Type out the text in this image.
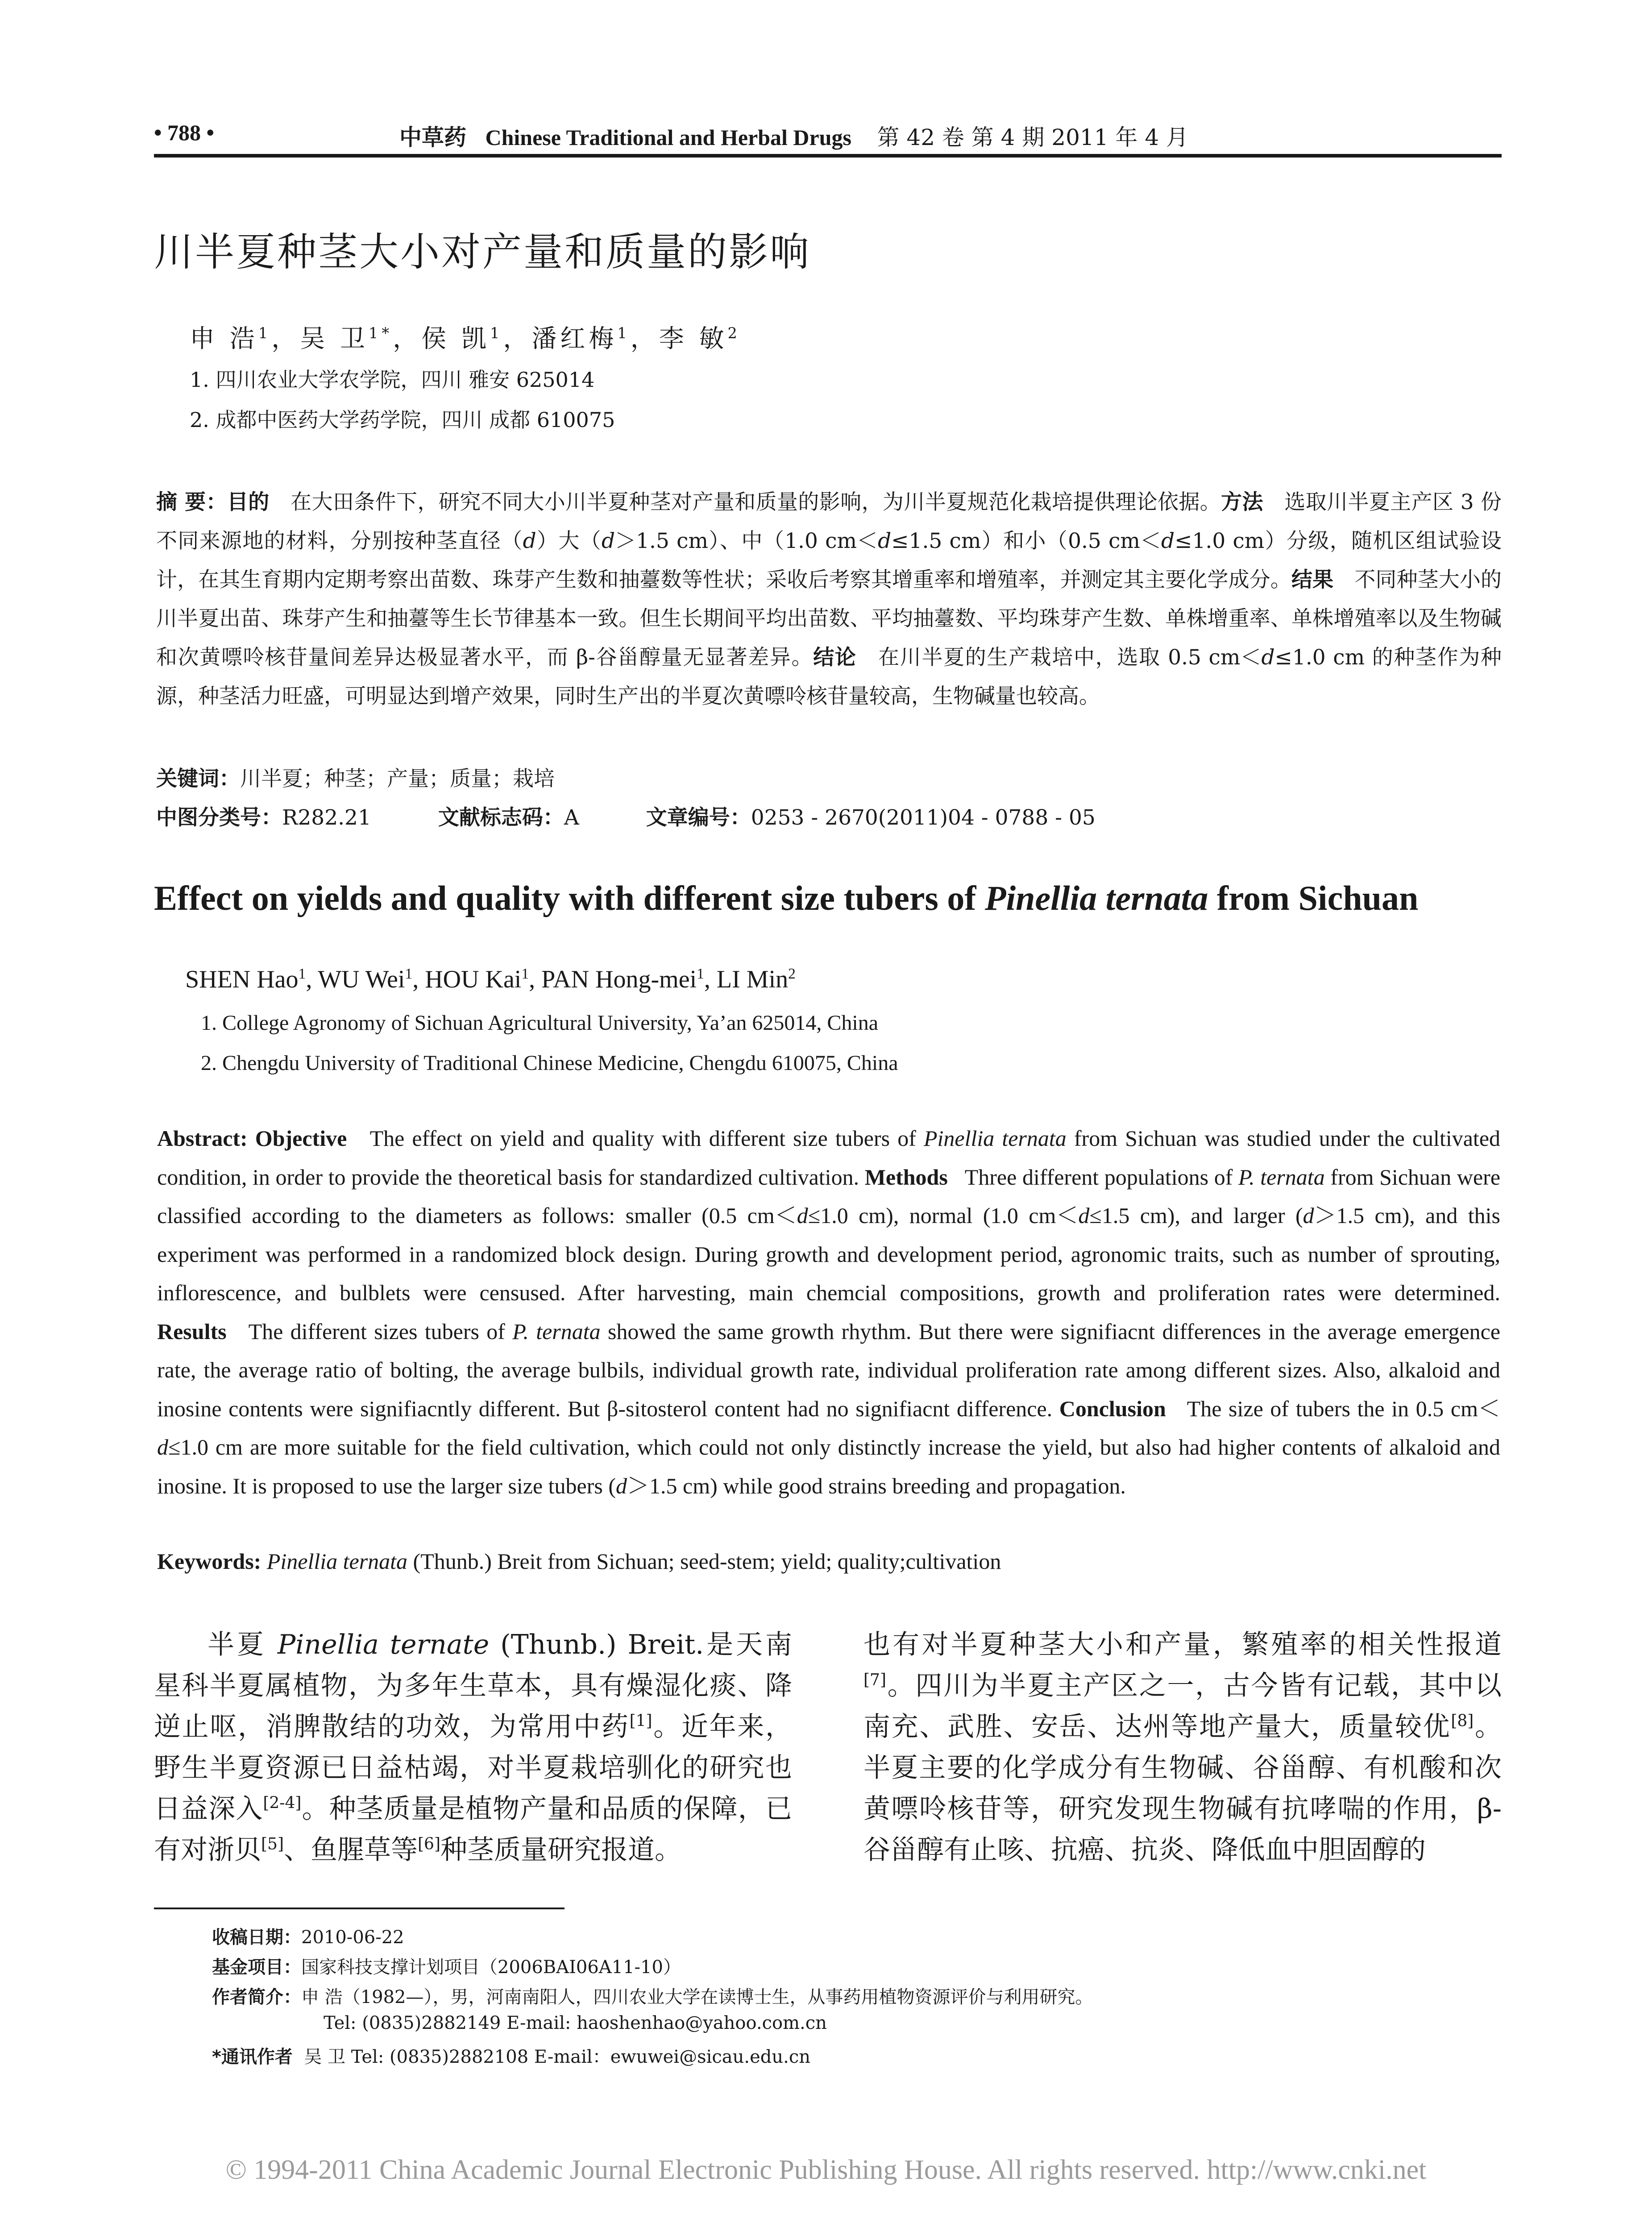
• 788 •	中草药 Chinese Traditional and Herbal Drugs 第 42 卷 第 4 期 2011 年 4 月
川半夏种茎大小对产量和质量的影响
申 浩$^1$，吴 卫$^{1*}$，侯 凯$^1$，潘红梅$^1$，李 敏$^2$
1. 四川农业大学农学院，四川 雅安 625014
2. 成都中医药大学药学院，四川 成都 610075
摘 要：目的　 在大田条件下，研究不同大小川半夏种茎对产量和质量的影响，为川半夏规范化栽培提供理论依据。方法　 选取川半夏主产区 3 份不同来源地的材料，分别按种茎直径（d）大（d＞1.5 cm）、中（1.0 cm＜d≤1.5 cm）和小（0.5 cm＜d≤1.0 cm）分级，随机区组试验设计，在其生育期内定期考察出苗数、珠芽产生数和抽薹数等性状；采收后考察其增重率和增殖率，并测定其主要化学成分。结果　 不同种茎大小的川半夏出苗、珠芽产生和抽薹等生长节律基本一致。但生长期间平均出苗数、平均抽薹数、平均珠芽产生数、单株增重率、单株增殖率以及生物碱和次黄嘌呤核苷量间差异达极显著水平，而 β-谷甾醇量无显著差异。结论　 在川半夏的生产栽培中，选取 0.5 cm＜d≤1.0 cm 的种茎作为种源，种茎活力旺盛，可明显达到增产效果，同时生产出的半夏次黄嘌呤核苷量较高，生物碱量也较高。
关键词：川半夏；种茎；产量；质量；栽培
中图分类号：R282.21	文献标志码：A	文章编号：0253 - 2670(2011)04 - 0788 - 05
Effect on yields and quality with different size tubers of Pinellia ternata from Sichuan
SHEN Hao$^1$, WU Wei$^1$, HOU Kai$^1$, PAN Hong-mei$^1$, LI Min$^2$
1. College Agronomy of Sichuan Agricultural University, Ya’an 625014, China
2. Chengdu University of Traditional Chinese Medicine, Chengdu 610075, China
Abstract: Objective The effect on yield and quality with different size tubers of Pinellia ternata from Sichuan was studied under the cultivated condition, in order to provide the theoretical basis for standardized cultivation. Methods Three different populations of P. ternata from Sichuan were classified according to the diameters as follows: smaller (0.5 cm＜d≤1.0 cm), normal (1.0 cm＜d≤1.5 cm), and larger (d＞1.5 cm), and this experiment was performed in a randomized block design. During growth and development period, agronomic traits, such as number of sprouting, inflorescence, and bulblets were censused. After harvesting, main chemcial compositions, growth and proliferation rates were determined. Results The different sizes tubers of P. ternata showed the same growth rhythm. But there were signifiacnt differences in the average emergence rate, the average ratio of bolting, the average bulbils, individual growth rate, individual proliferation rate among different sizes. Also, alkaloid and inosine contents were signifiacntly different. But β-sitosterol content had no signifiacnt difference. Conclusion The size of tubers the in 0.5 cm＜d≤1.0 cm are more suitable for the field cultivation, which could not only distinctly increase the yield, but also had higher contents of alkaloid and inosine. It is proposed to use the larger size tubers (d＞1.5 cm) while good strains breeding and propagation.
Keywords: Pinellia ternata (Thunb.) Breit from Sichuan; seed-stem; yield; quality;cultivation
半夏 Pinellia ternate (Thunb.) Breit.是天南星科半夏属植物，为多年生草本，具有燥湿化痰、降逆止呕，消脾散结的功效，为常用中药[1]。近年来，野生半夏资源已日益枯竭，对半夏栽培驯化的研究也日益深入[2-4]。种茎质量是植物产量和品质的保障，已有对浙贝[5]、鱼腥草等[6]种茎质量研究报道。
也有对半夏种茎大小和产量，繁殖率的相关性报道[7]。四川为半夏主产区之一，古今皆有记载，其中以南充、武胜、安岳、达州等地产量大，质量较优[8]。半夏主要的化学成分有生物碱、谷甾醇、有机酸和次黄嘌呤核苷等，研究发现生物碱有抗哮喘的作用，β-谷甾醇有止咳、抗癌、抗炎、降低血中胆固醇的
收稿日期：2010-06-22
基金项目：国家科技支撑计划项目（2006BAI06A11-10）
作者简介：申 浩（1982—），男，河南南阳人，四川农业大学在读博士生，从事药用植物资源评价与利用研究。
Tel: (0835)2882149 E-mail: haoshenhao@yahoo.com.cn
*通讯作者 吴 卫 Tel: (0835)2882108 E-mail：ewuwei@sicau.edu.cn
© 1994-2011 China Academic Journal Electronic Publishing House. All rights reserved. http://www.cnki.net
